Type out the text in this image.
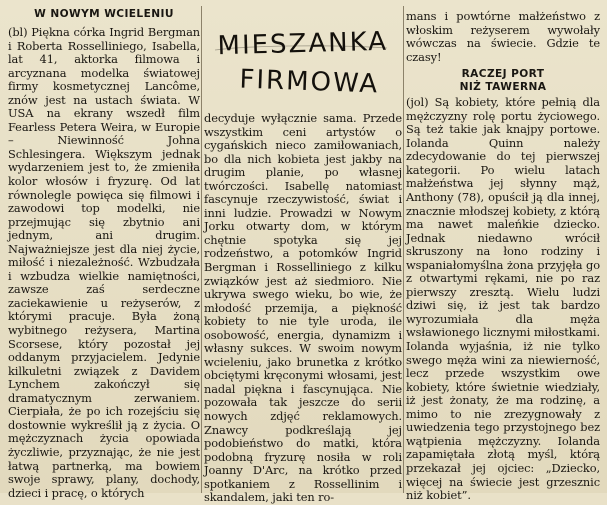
W NOWYM WCIELENIU

(bl) Piękna córka Ingrid Bergman i Roberta Rosselliniego, Isabella, lat 41, aktorka filmowa i arcyznana modelka światowej firmy kosmetycznej Lancôme, znów jest na ustach świata. W USA na ekrany wszedł film Fearless Petera Weira, w Europie – Niewinność Johna Schlesingera. Większym jednak wydarzeniem jest to, że zmieniła kolor włosów i fryzurę. Od lat równolegle powięca się filmowi i zawodowi top modelki, nie przejmując się zbytnio ani jednym, ani drugim. Najważniejsze jest dla niej życie, miłość i niezależność. Wzbudzała i wzbudza wielkie namiętności, zawsze zaś serdeczne zaciekawienie u reżyserów, z którymi pracuje. Była żoną wybitnego reżysera, Martina Scorsese, który pozostał jej oddanym przyjacielem. Jedynie kilkuletni związek z Davidem Lynchem zakończył się dramatycznym zerwaniem. Cierpiała, że po ich rozejściu się dostownie wykreślił ją z życia. O mężczyznach życia opowiada życzliwie, przyznając, że nie jest łatwą partnerką, ma bowiem swoje sprawy, plany, dochody, dzieci i pracę, o których

MIESZANKA
FIRMOWA

decyduje wyłącznie sama. Przede wszystkim ceni artystów o cygańskich nieco zamiłowaniach, bo dla nich kobieta jest jakby na drugim planie, po własnej twórczości. Isabellę natomiast fascynuje rzeczywistość, świat i inni ludzie. Prowadzi w Nowym Jorku otwarty dom, w którym chętnie spotyka się jej rodzeństwo, a potomków Ingrid Bergman i Rosselliniego z kilku związków jest aż siedmioro. Nie ukrywa swego wieku, bo wie, że młodość przemija, a piękność kobiety to nie tyle uroda, ile osobowość, energia, dynamizm i własny sukces. W swoim nowym wcieleniu, jako brunetka z krótko obciętymi kręconymi włosami, jest nadal piękna i fascynująca. Nie pozowała tak jeszcze do serii nowych zdjęć reklamowych. Znawcy podkreślają jej podobieństwo do matki, która podobną fryzurę nosiła w roli Joanny D'Arc, na krótko przed spotkaniem z Rossellinim i skandalem, jaki ten ro-

mans i powtórne małżeństwo z włoskim reżyserem wywołały wówczas na świecie. Gdzie te czasy!

RACZEJ PORT
NIŻ TAWERNA

(jol) Są kobiety, które pełnią dla mężczyzny rolę portu życiowego. Są też takie jak knajpy portowe. Iolanda Quinn należy zdecydowanie do tej pierwszej kategorii. Po wielu latach małżeństwa jej słynny mąż, Anthony (78), opuścił ją dla innej, znacznie młodszej kobiety, z którą ma nawet maleńkie dziecko. Jednak niedawno wrócił skruszony na łono rodziny i wspaniałomyślna żona przyjęła go z otwartymi rękami, nie po raz pierwszy zresztą. Wielu ludzi dziwi się, iż jest tak bardzo wyrozumiała dla męża wsławionego licznymi miłostkami. Iolanda wyjaśnia, iż nie tylko swego męża wini za niewierność, lecz przede wszystkim owe kobiety, które świetnie wiedziały, iż jest żonaty, że ma rodzinę, a mimo to nie zrezygnowały z uwiedzenia tego przystojnego bez wątpienia mężczyzny. Iolanda zapamiętała złotą myśl, którą przekazał jej ojciec: „Dziecko, więcej na świecie jest grzesznic niż kobiet”.
